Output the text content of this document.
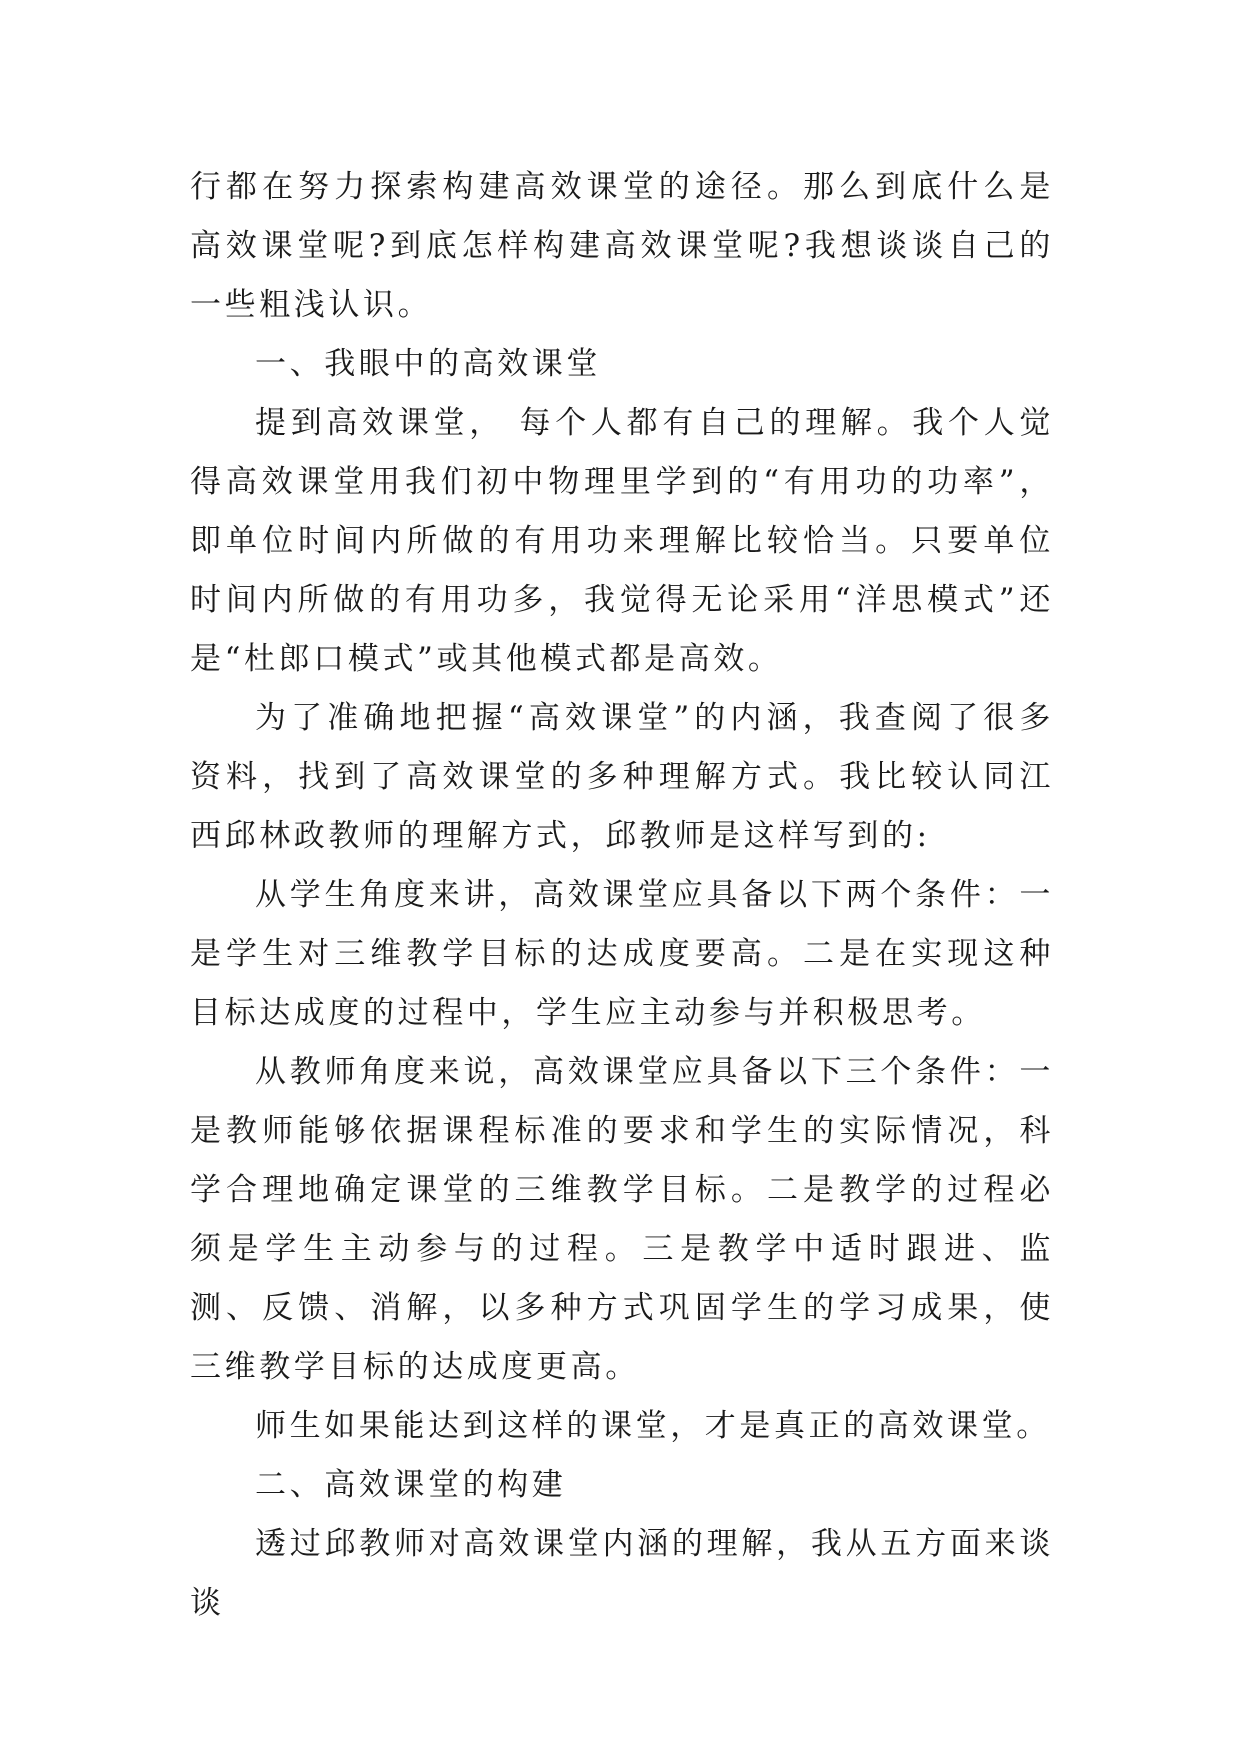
行都在努力探索构建高效课堂的途径。那么到底什么是高效课堂呢?到底怎样构建高效课堂呢?我想谈谈自己的一些粗浅认识。

一、我眼中的高效课堂

提到高效课堂， 每个人都有自己的理解。我个人觉得高效课堂用我们初中物理里学到的“有用功的功率”，即单位时间内所做的有用功来理解比较恰当。只要单位时间内所做的有用功多，我觉得无论采用“洋思模式”还是“杜郎口模式”或其他模式都是高效。

为了准确地把握“高效课堂”的内涵，我查阅了很多资料，找到了高效课堂的多种理解方式。我比较认同江西邱林政教师的理解方式，邱教师是这样写到的:

从学生角度来讲，高效课堂应具备以下两个条件：一是学生对三维教学目标的达成度要高。二是在实现这种目标达成度的过程中，学生应主动参与并积极思考。

从教师角度来说，高效课堂应具备以下三个条件：一是教师能够依据课程标准的要求和学生的实际情况，科学合理地确定课堂的三维教学目标。二是教学的过程必须是学生主动参与的过程。三是教学中适时跟进、监测、反馈、消解，以多种方式巩固学生的学习成果，使三维教学目标的达成度更高。

师生如果能达到这样的课堂，才是真正的高效课堂。

二、高效课堂的构建

透过邱教师对高效课堂内涵的理解，我从五方面来谈谈
